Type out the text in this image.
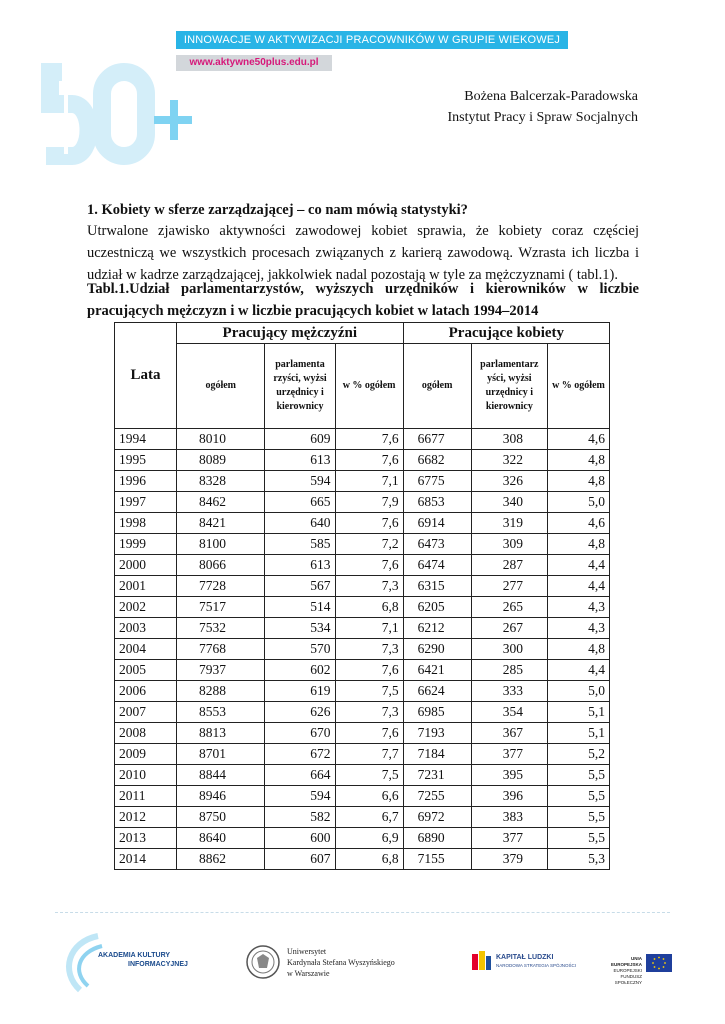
INNOWACJE W AKTYWIZACJI PRACOWNIKÓW W GRUPIE WIEKOWEJ 50+
www.aktywne50plus.edu.pl
Bożena Balcerzak-Paradowska
Instytut Pracy i Spraw Socjalnych
1. Kobiety w sferze zarządzającej – co nam mówią statystyki?
Utrwalone zjawisko aktywności zawodowej kobiet sprawia, że kobiety coraz częściej uczestniczą we wszystkich procesach związanych z karierą zawodową. Wzrasta ich liczba i udział w kadrze zarządzającej, jakkolwiek nadal pozostają w tyle za mężczyznami ( tabl.1).
Tabl.1.Udział parlamentarzystów, wyższych urzędników i kierowników w liczbie pracujących mężczyzn i w liczbie pracujących kobiet w latach 1994–2014
Lata	Pracujący mężczyźni			Pracujące kobiety		
	ogółem	parlamenta rzyści, wyżsi urzędnicy i kierownicy	w % ogółem	ogółem	parlamentarz yści, wyżsi urzędnicy i kierownicy	w % ogółem
1994	8010	609	7,6	6677	308	4,6
1995	8089	613	7,6	6682	322	4,8
1996	8328	594	7,1	6775	326	4,8
1997	8462	665	7,9	6853	340	5,0
1998	8421	640	7,6	6914	319	4,6
1999	8100	585	7,2	6473	309	4,8
2000	8066	613	7,6	6474	287	4,4
2001	7728	567	7,3	6315	277	4,4
2002	7517	514	6,8	6205	265	4,3
2003	7532	534	7,1	6212	267	4,3
2004	7768	570	7,3	6290	300	4,8
2005	7937	602	7,6	6421	285	4,4
2006	8288	619	7,5	6624	333	5,0
2007	8553	626	7,3	6985	354	5,1
2008	8813	670	7,6	7193	367	5,1
2009	8701	672	7,7	7184	377	5,2
2010	8844	664	7,5	7231	395	5,5
2011	8946	594	6,6	7255	396	5,5
2012	8750	582	6,7	6972	383	5,5
2013	8640	600	6,9	6890	377	5,5
2014	8862	607	6,8	7155	379	5,3
AKADEMIA KULTURY
INFORMACYJNEJ
Uniwersytet
Kardynała Stefana Wyszyńskiego
w Warszawie
KAPITAŁ LUDZKI
NARODOWA STRATEGIA SPÓJNOŚCI
UNIA EUROPEJSKA
EUROPEJSKI FUNDUSZ
SPOŁECZNY
